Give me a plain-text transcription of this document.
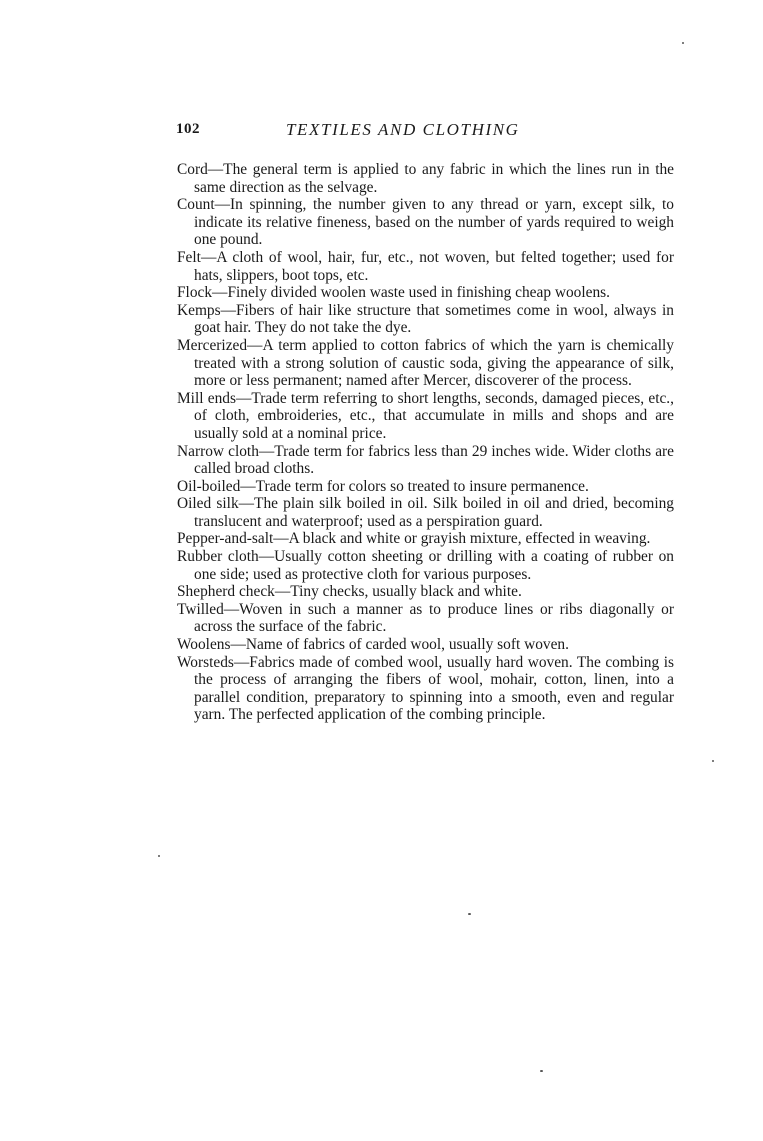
102	TEXTILES AND CLOTHING

Cord—The general term is applied to any fabric in which the lines run in the same direction as the selvage.

Count—In spinning, the number given to any thread or yarn, except silk, to indicate its relative fineness, based on the number of yards required to weigh one pound.

Felt—A cloth of wool, hair, fur, etc., not woven, but felted together; used for hats, slippers, boot tops, etc.

Flock—Finely divided woolen waste used in finishing cheap woolens.

Kemps—Fibers of hair like structure that sometimes come in wool, always in goat hair. They do not take the dye.

Mercerized—A term applied to cotton fabrics of which the yarn is chemically treated with a strong solution of caustic soda, giving the appearance of silk, more or less permanent; named after Mercer, discoverer of the process.

Mill ends—Trade term referring to short lengths, seconds, damaged pieces, etc., of cloth, embroideries, etc., that accumulate in mills and shops and are usually sold at a nominal price.

Narrow cloth—Trade term for fabrics less than 29 inches wide. Wider cloths are called broad cloths.

Oil-boiled—Trade term for colors so treated to insure permanence.

Oiled silk—The plain silk boiled in oil. Silk boiled in oil and dried, becoming translucent and waterproof; used as a perspiration guard.

Pepper-and-salt—A black and white or grayish mixture, effected in weaving.

Rubber cloth—Usually cotton sheeting or drilling with a coating of rubber on one side; used as protective cloth for various purposes.

Shepherd check—Tiny checks, usually black and white.

Twilled—Woven in such a manner as to produce lines or ribs diagonally or across the surface of the fabric.

Woolens—Name of fabrics of carded wool, usually soft woven.

Worsteds—Fabrics made of combed wool, usually hard woven. The combing is the process of arranging the fibers of wool, mohair, cotton, linen, into a parallel condition, preparatory to spinning into a smooth, even and regular yarn. The perfected application of the combing principle.
